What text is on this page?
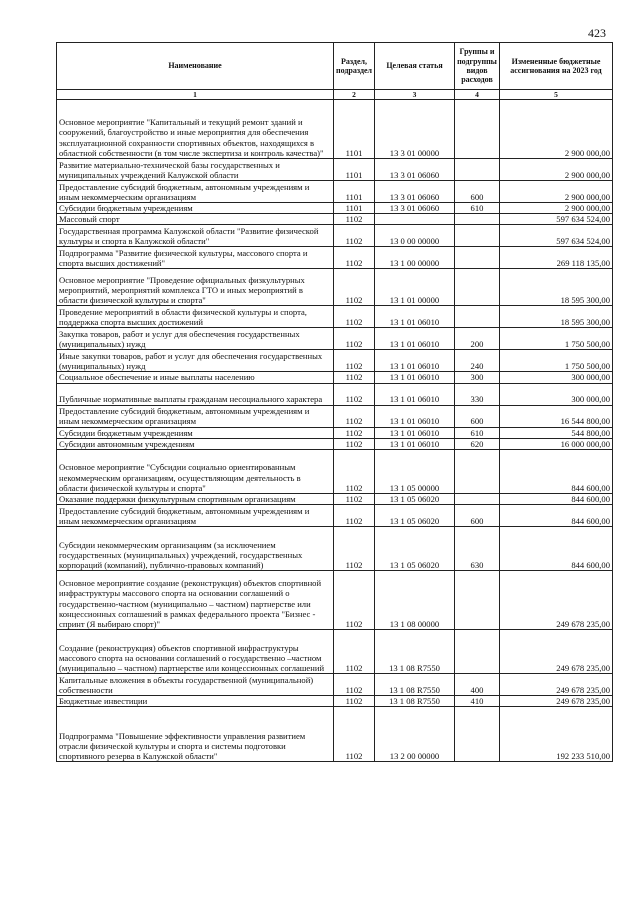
423
Наименование	Раздел, подраздел	Целевая статья	Группы и подгруппы видов расходов	Измененные бюджетные ассигнования на 2023 год
1	2	3	4	5
Основное мероприятие "Капитальный и текущий ремонт зданий и сооружений, благоустройство и иные мероприятия для обеспечения эксплуатационной сохранности спортивных объектов, находящихся в областной собственности (в том числе экспертиза и контроль качества)"	1101	13 3 01 00000		2 900 000,00
Развитие материально-технической базы государственных и муниципальных учреждений Калужской области	1101	13 3 01 06060		2 900 000,00
Предоставление субсидий бюджетным, автономным учреждениям и иным некоммерческим организациям	1101	13 3 01 06060	600	2 900 000,00
Субсидии бюджетным учреждениям	1101	13 3 01 06060	610	2 900 000,00
Массовый спорт	1102			597 634 524,00
Государственная программа Калужской области "Развитие физической культуры и спорта в Калужской области"	1102	13 0 00 00000		597 634 524,00
Подпрограмма "Развитие физической культуры, массового спорта и спорта высших достижений"	1102	13 1 00 00000		269 118 135,00
Основное мероприятие "Проведение официальных физкультурных мероприятий, мероприятий комплекса ГТО и иных мероприятий в области физической культуры и спорта"	1102	13 1 01 00000		18 595 300,00
Проведение мероприятий в области физической культуры и спорта, поддержка спорта высших достижений	1102	13 1 01 06010		18 595 300,00
Закупка товаров, работ и услуг для обеспечения государственных (муниципальных) нужд	1102	13 1 01 06010	200	1 750 500,00
Иные закупки товаров, работ и услуг для обеспечения государственных (муниципальных) нужд	1102	13 1 01 06010	240	1 750 500,00
Социальное обеспечение и иные выплаты населению	1102	13 1 01 06010	300	300 000,00
Публичные нормативные выплаты гражданам несоциального характера	1102	13 1 01 06010	330	300 000,00
Предоставление субсидий бюджетным, автономным учреждениям и иным некоммерческим организациям	1102	13 1 01 06010	600	16 544 800,00
Субсидии бюджетным учреждениям	1102	13 1 01 06010	610	544 800,00
Субсидии автономным учреждениям	1102	13 1 01 06010	620	16 000 000,00
Основное мероприятие "Субсидии социально ориентированным некоммерческим организациям, осуществляющим деятельность в области физической культуры и спорта"	1102	13 1 05 00000		844 600,00
Оказание поддержки физкультурным спортивным организациям	1102	13 1 05 06020		844 600,00
Предоставление субсидий бюджетным, автономным учреждениям и иным некоммерческим организациям	1102	13 1 05 06020	600	844 600,00
Субсидии некоммерческим организациям (за исключением государственных (муниципальных) учреждений, государственных корпораций (компаний), публично-правовых компаний)	1102	13 1 05 06020	630	844 600,00
Основное мероприятие создание (реконструкция) объектов спортивной инфраструктуры массового спорта на основании соглашений о государственно-частном (муниципально – частном) партнерстве или концессионных соглашений в рамках федерального проекта "Бизнес - спринт (Я выбираю спорт)"	1102	13 1 08 00000		249 678 235,00
Создание (реконструкция) объектов спортивной инфраструктуры массового спорта на основании соглашений о государственно –частном (муниципально – частном) партнерстве или концессионных соглашений	1102	13 1 08 R7550		249 678 235,00
Капитальные вложения в объекты государственной (муниципальной) собственности	1102	13 1 08 R7550	400	249 678 235,00
Бюджетные инвестиции	1102	13 1 08 R7550	410	249 678 235,00
Подпрограмма "Повышение эффективности управления развитием отрасли физической культуры и спорта и системы подготовки спортивного резерва в Калужской области"	1102	13 2 00 00000		192 233 510,00
